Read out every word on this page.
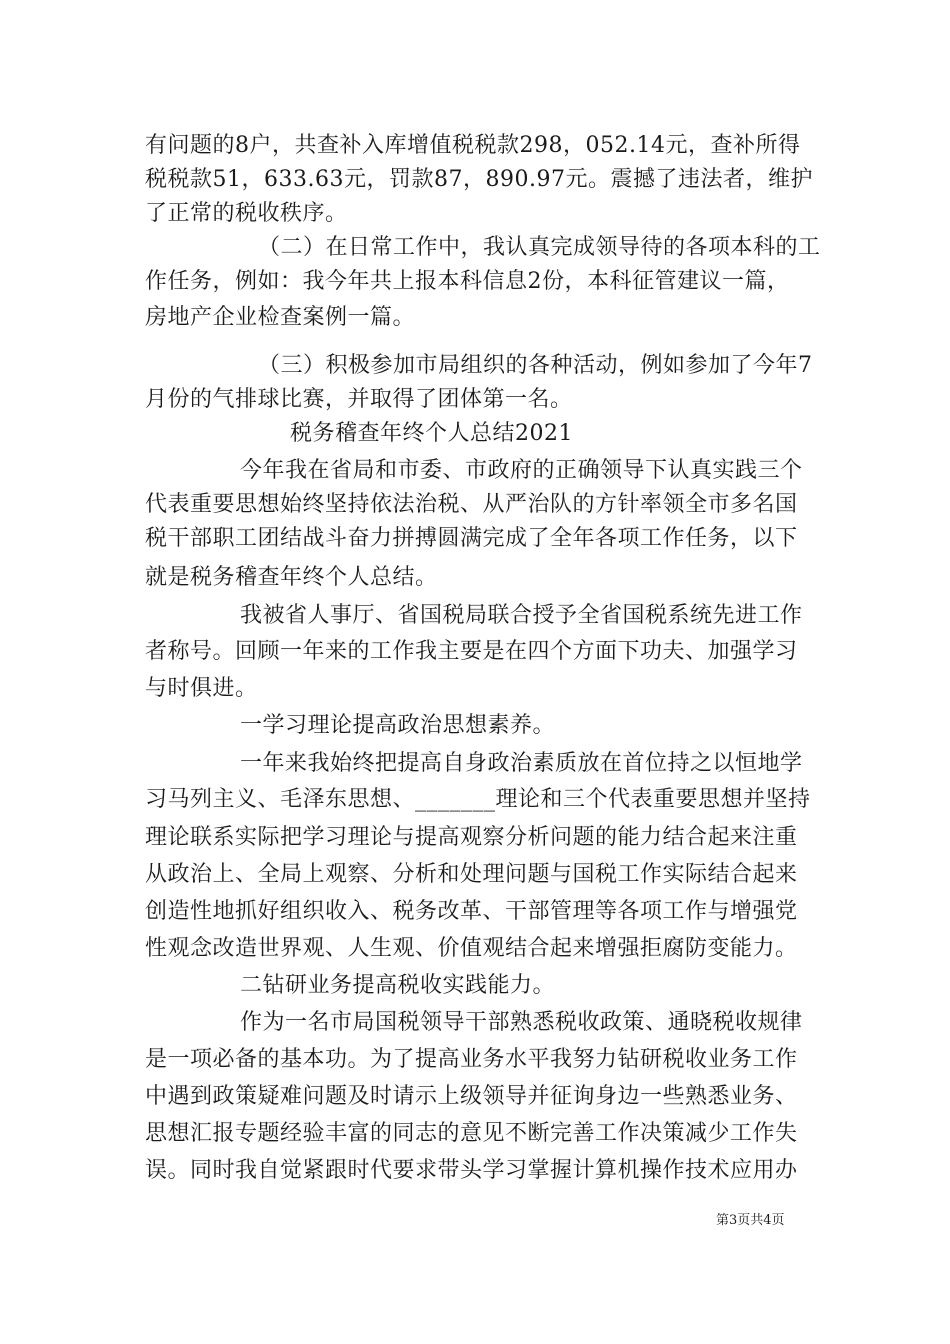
有问题的8户，共查补入库增值税税款298，052.14元，查补所得
税税款51，633.63元，罚款87，890.97元。震撼了违法者，维护
了正常的税收秩序。
（二）在日常工作中，我认真完成领导待的各项本科的工
作任务，例如：我今年共上报本科信息2份，本科征管建议一篇，
房地产企业检查案例一篇。
（三）积极参加市局组织的各种活动，例如参加了今年7
月份的气排球比赛，并取得了团体第一名。
税务稽查年终个人总结2021
今年我在省局和市委、市政府的正确领导下认真实践三个
代表重要思想始终坚持依法治税、从严治队的方针率领全市多名国
税干部职工团结战斗奋力拼搏圆满完成了全年各项工作任务，以下
就是税务稽查年终个人总结。
我被省人事厅、省国税局联合授予全省国税系统先进工作
者称号。回顾一年来的工作我主要是在四个方面下功夫、加强学习
与时俱进。
一学习理论提高政治思想素养。
一年来我始终把提高自身政治素质放在首位持之以恒地学
习马列主义、毛泽东思想、_______理论和三个代表重要思想并坚持
理论联系实际把学习理论与提高观察分析问题的能力结合起来注重
从政治上、全局上观察、分析和处理问题与国税工作实际结合起来
创造性地抓好组织收入、税务改革、干部管理等各项工作与增强党
性观念改造世界观、人生观、价值观结合起来增强拒腐防变能力。
二钻研业务提高税收实践能力。
作为一名市局国税领导干部熟悉税收政策、通晓税收规律
是一项必备的基本功。为了提高业务水平我努力钻研税收业务工作
中遇到政策疑难问题及时请示上级领导并征询身边一些熟悉业务、
思想汇报专题经验丰富的同志的意见不断完善工作决策减少工作失
误。同时我自觉紧跟时代要求带头学习掌握计算机操作技术应用办
第3页共4页
